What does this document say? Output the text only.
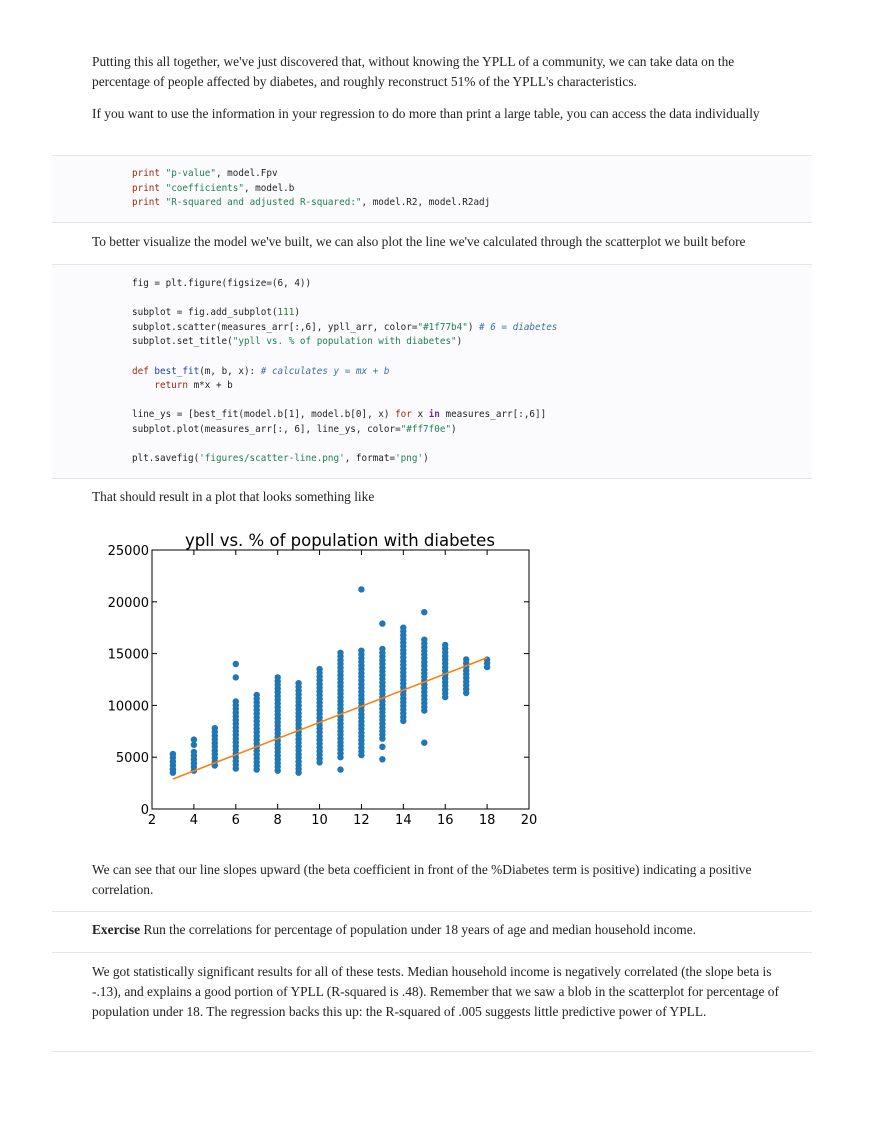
Putting this all together, we've just discovered that, without knowing the YPLL of a community, we can take data on the percentage of people affected by diabetes, and roughly reconstruct 51% of the YPLL's characteristics.

If you want to use the information in your regression to do more than print a large table, you can access the data individually

print "p-value", model.Fpv
print "coefficients", model.b
print "R-squared and adjusted R-squared:", model.R2, model.R2adj

To better visualize the model we've built, we can also plot the line we've calculated through the scatterplot we built before

fig = plt.figure(figsize=(6, 4))

subplot = fig.add_subplot(111)
subplot.scatter(measures_arr[:,6], ypll_arr, color="#1f77b4") # 6 = diabetes
subplot.set_title("ypll vs. % of population with diabetes")

def best_fit(m, b, x): # calculates y = mx + b
return m*x + b

line_ys = [best_fit(model.b[1], model.b[0], x) for x in measures_arr[:,6]]
subplot.plot(measures_arr[:, 6], line_ys, color="#ff7f0e")

plt.savefig('figures/scatter-line.png', format='png')

That should result in a plot that looks something like

ypll vs. % of population with diabetes
2	4	6	8 10 12 14 16 18 20
0
5000
10000
15000
20000
25000

We can see that our line slopes upward (the beta coefficient in front of the %Diabetes term is positive) indicating a positive correlation.

Exercise Run the correlations for percentage of population under 18 years of age and median household income.

We got statistically significant results for all of these tests. Median household income is negatively correlated (the slope beta is -.13), and explains a good portion of YPLL (R-squared is .48). Remember that we saw a blob in the scatterplot for percentage of population under 18. The regression backs this up: the R-squared of .005 suggests little predictive power of YPLL.
